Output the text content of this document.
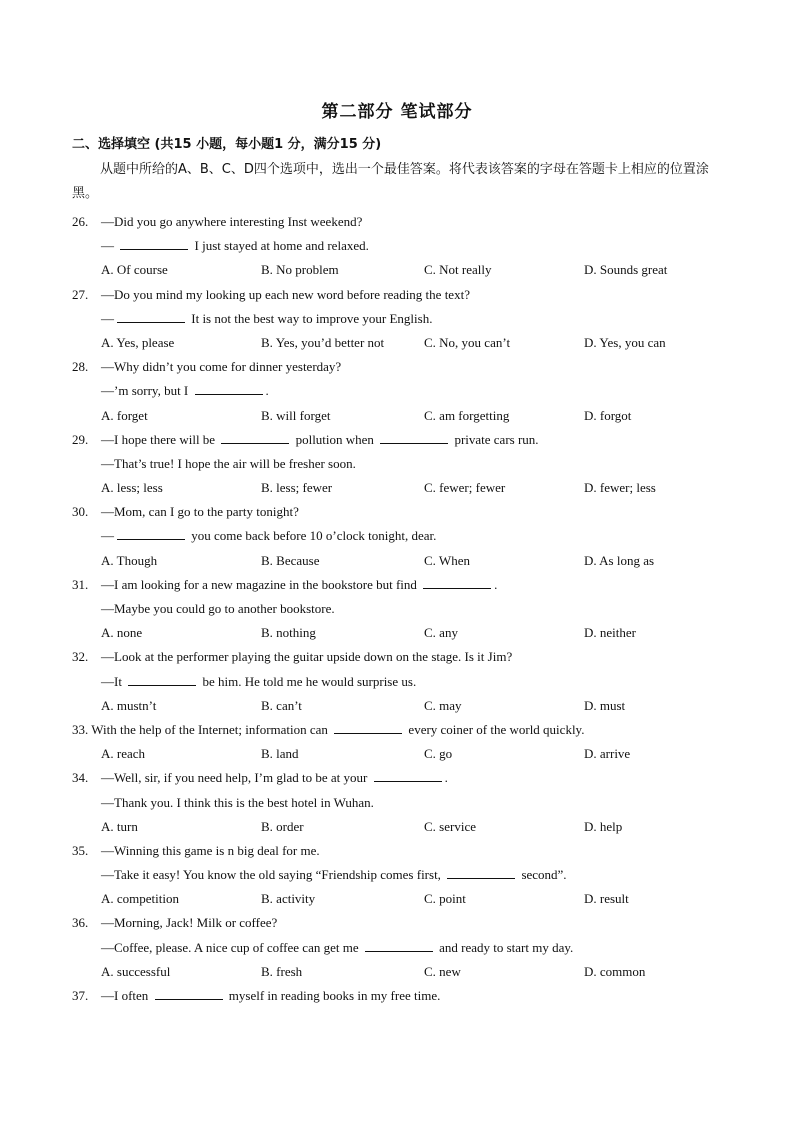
第二部分 笔试部分
二、选择填空 (共15 小题，每小题1 分，满分15 分)
从题中所给的A、B、C、D四个选项中，选出一个最佳答案。将代表该答案的字母在答题卡上相应的位置涂黑。
26. —Did you go anywhere interesting Inst weekend?
—	I just stayed at home and relaxed.
A. Of course	B. No problem	C. Not really	D. Sounds great
27. —Do you mind my looking up each new word before reading the text?
—	It is not the best way to improve your English.
A. Yes, please	B. Yes, you’d better not	C. No, you can’t	D. Yes, you can
28. —Why didn’t you come for dinner yesterday?
—’m sorry, but I	.
A. forget	B. will forget	C. am forgetting	D. forgot
29. —I hope there will be	pollution when	private cars run.
—That’s true! I hope the air will be fresher soon.
A. less; less	B. less; fewer	C. fewer; fewer	D. fewer; less
30. —Mom, can I go to the party tonight?
—	you come back before 10 o’clock tonight, dear.
A. Though	B. Because	C. When	D. As long as
31. —I am looking for a new magazine in the bookstore but find	.
—Maybe you could go to another bookstore.
A. none	B. nothing	C. any	D. neither
32. —Look at the performer playing the guitar upside down on the stage. Is it Jim?
—It	be him. He told me he would surprise us.
A. mustn’t	B. can’t	C. may	D. must
33. With the help of the Internet; information can	every coiner of the world quickly.
A. reach	B. land	C. go	D. arrive
34. —Well, sir, if you need help, I’m glad to be at your	.
—Thank you. I think this is the best hotel in Wuhan.
A. turn	B. order	C. service	D. help
35. —Winning this game is n big deal for me.
—Take it easy! You know the old saying “Friendship comes first,	second”.
A. competition	B. activity	C. point	D. result
36. —Morning, Jack! Milk or coffee?
—Coffee, please. A nice cup of coffee can get me	and ready to start my day.
A. successful	B. fresh	C. new	D. common
37. —I often	myself in reading books in my free time.
